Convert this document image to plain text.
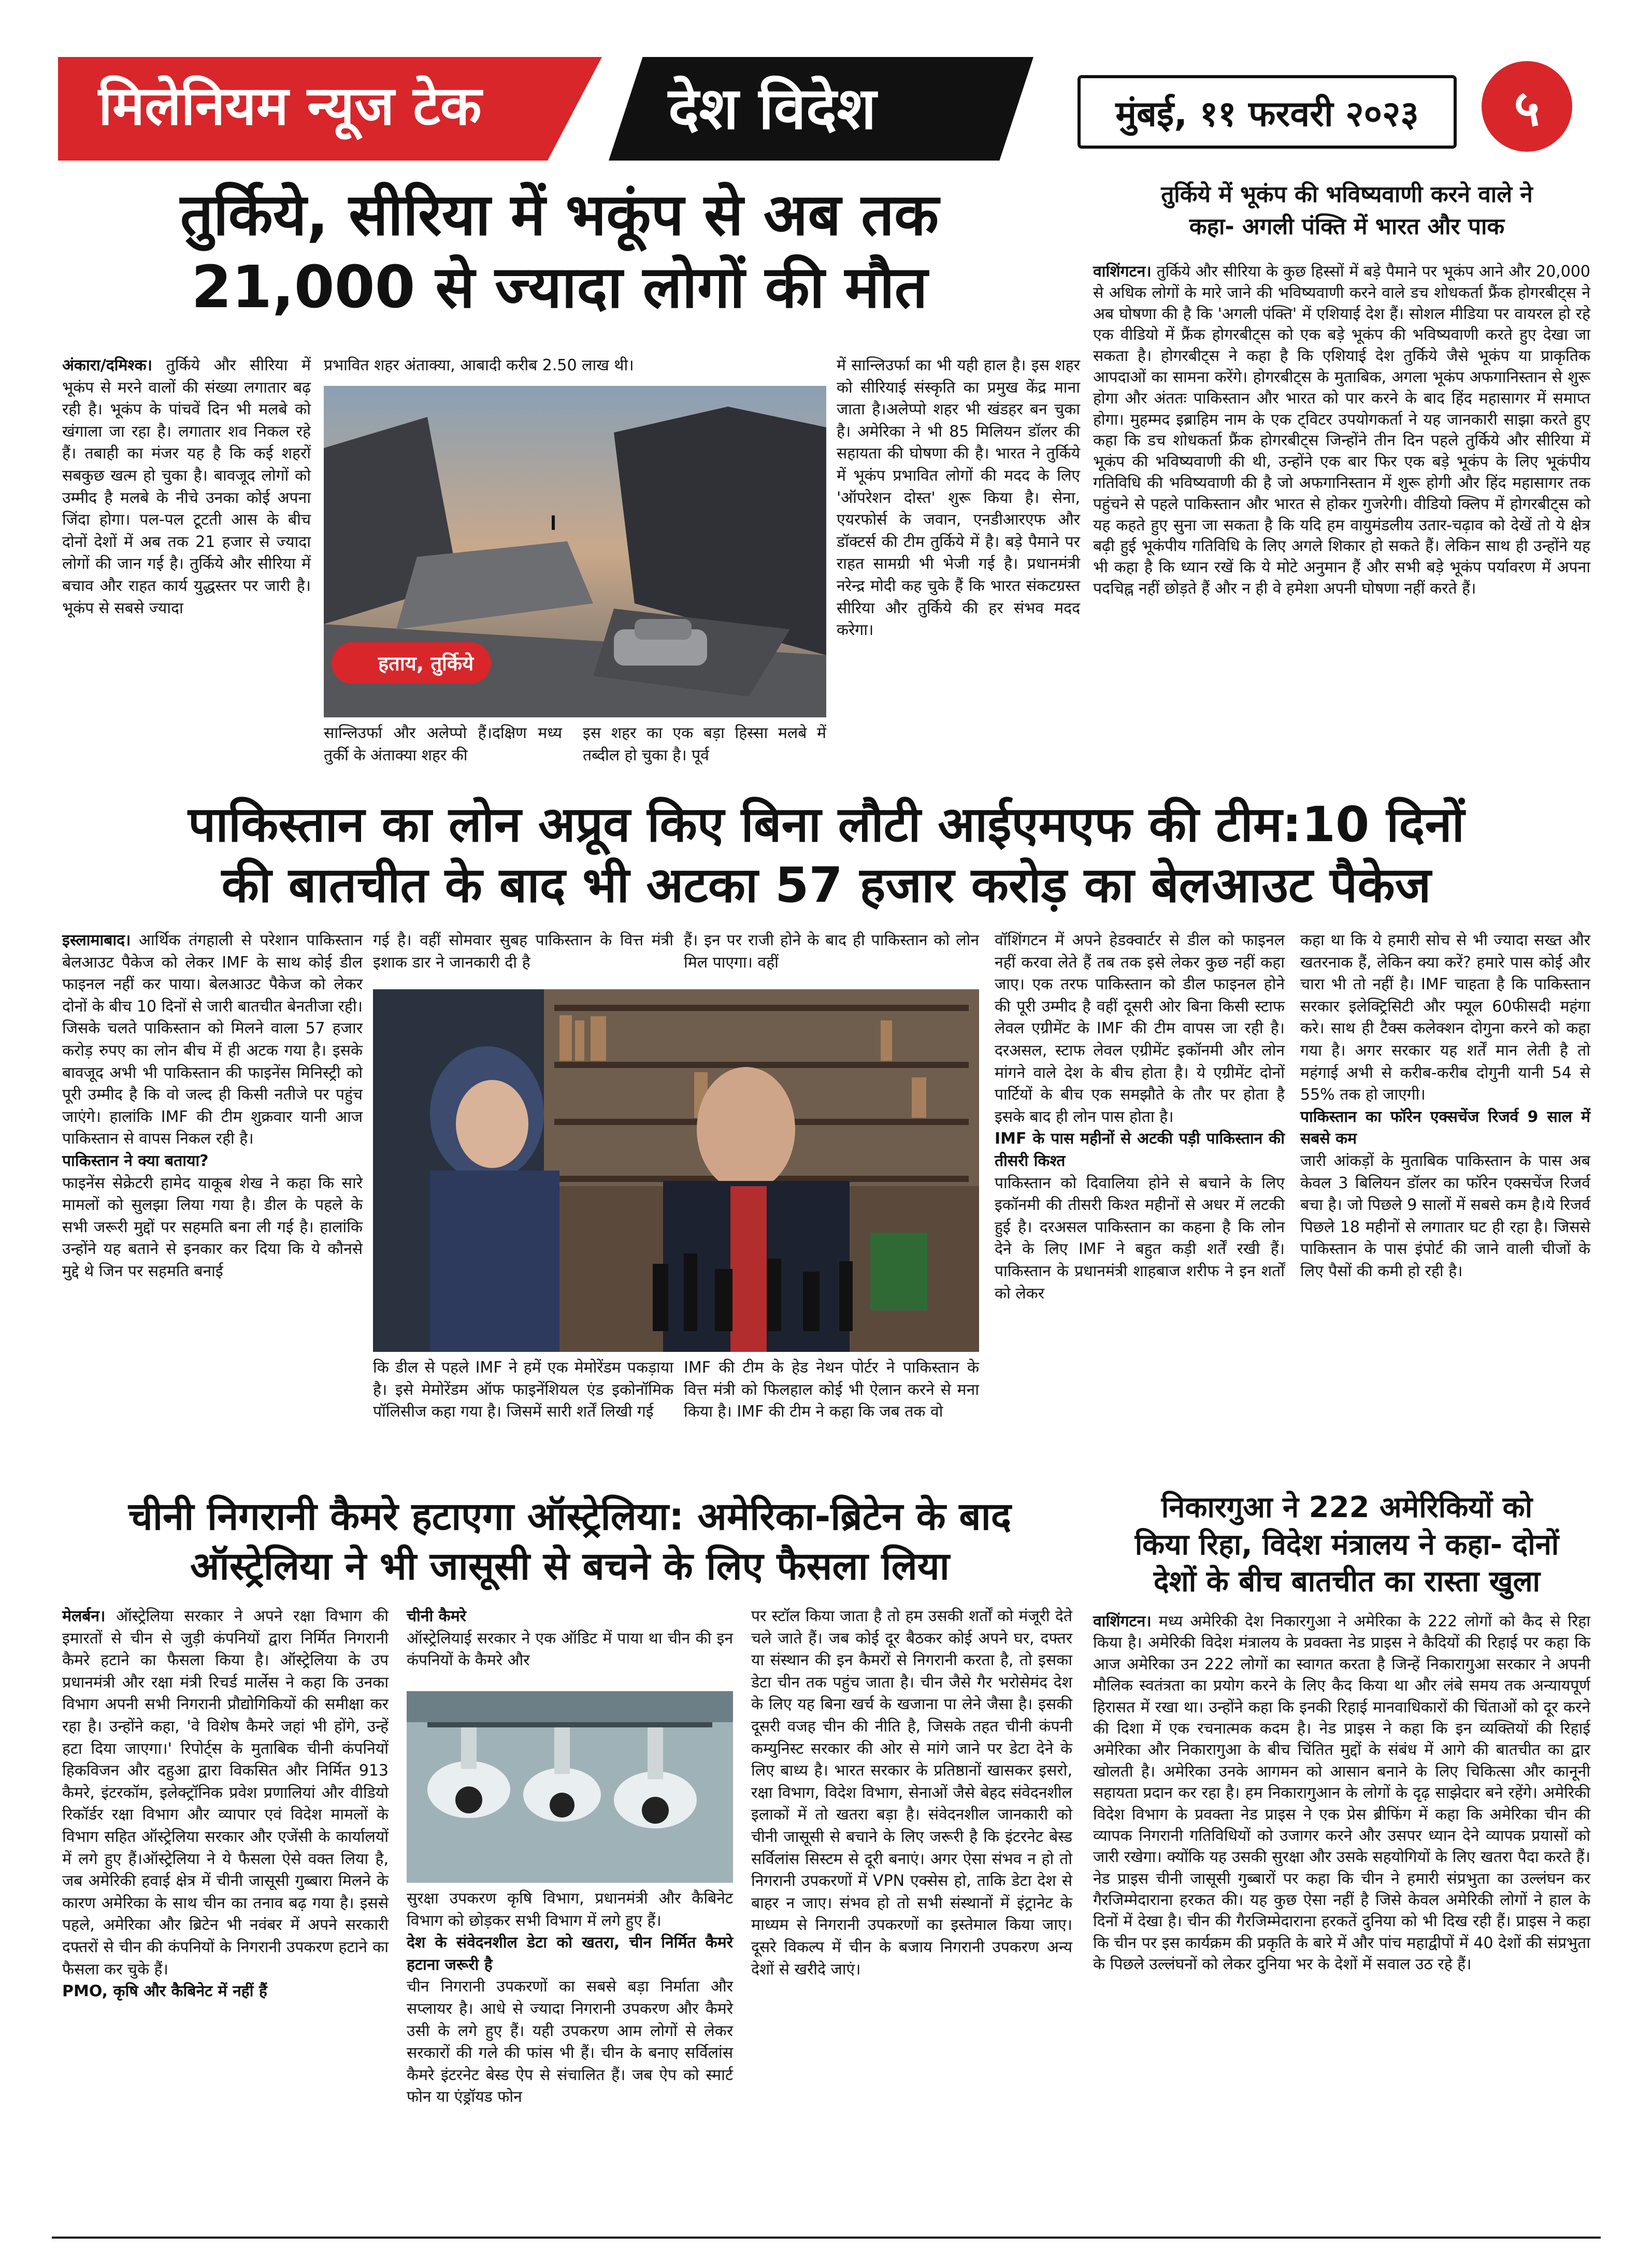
मिलेनियम न्यूज टेक	देश विदेश	मुंबई, ११ फरवरी २०२३	५
तुर्किये, सीरिया में भकूंप से अब तक
21,000 से ज्यादा लोगों की मौत

अंकारा/दमिश्क। तुर्किये और सीरिया में भूकंप से मरने वालों की संख्या लगातार बढ़ रही है। भूकंप के पांचवें दिन भी मलबे को खंगाला जा रहा है। लगातार शव निकल रहे हैं। तबाही का मंजर यह है कि कई शहरों सबकुछ खत्म हो चुका है। बावजूद लोगों को उम्मीद है मलबे के नीचे उनका कोई अपना जिंदा होगा। पल-पल टूटती आस के बीच दोनों देशों में अब तक 21 हजार से ज्यादा लोगों की जान गई है। तुर्किये और सीरिया में बचाव और राहत कार्य युद्धस्तर पर जारी है। भूकंप से सबसे ज्यादा

प्रभावित शहर अंताक्या, आबादी करीब 2.50 लाख थी।
हताय, तुर्किये
सान्लिउर्फा और अलेप्पो हैं।दक्षिण मध्य तुर्की के अंताक्या शहर की
इस शहर का एक बड़ा हिस्सा मलबे में तब्दील हो चुका है। पूर्व
में सान्लिउर्फा का भी यही हाल है। इस शहर को सीरियाई संस्कृति का प्रमुख केंद्र माना जाता है।अलेप्पो शहर भी खंडहर बन चुका है। अमेरिका ने भी 85 मिलियन डॉलर की सहायता की घोषणा की है। भारत ने तुर्किये में भूकंप प्रभावित लोगों की मदद के लिए 'ऑपरेशन दोस्त' शुरू किया है। सेना, एयरफोर्स के जवान, एनडीआरएफ और डॉक्टर्स की टीम तुर्किये में है। बड़े पैमाने पर राहत सामग्री भी भेजी गई है। प्रधानमंत्री नरेन्द्र मोदी कह चुके हैं कि भारत संकटग्रस्त सीरिया और तुर्किये की हर संभव मदद करेगा।
तुर्किये में भूकंप की भविष्यवाणी करने वाले ने
कहा- अगली पंक्ति में भारत और पाक

वाशिंगटन। तुर्किये और सीरिया के कुछ हिस्सों में बड़े पैमाने पर भूकंप आने और 20,000 से अधिक लोगों के मारे जाने की भविष्यवाणी करने वाले डच शोधकर्ता फ्रैंक होगरबीट्स ने अब घोषणा की है कि 'अगली पंक्ति' में एशियाई देश हैं। सोशल मीडिया पर वायरल हो रहे एक वीडियो में फ्रैंक होगरबीट्स को एक बड़े भूकंप की भविष्यवाणी करते हुए देखा जा सकता है। होगरबीट्स ने कहा है कि एशियाई देश तुर्किये जैसे भूकंप या प्राकृतिक आपदाओं का सामना करेंगे। होगरबीट्स के मुताबिक, अगला भूकंप अफगानिस्तान से शुरू होगा और अंततः पाकिस्तान और भारत को पार करने के बाद हिंद महासागर में समाप्त होगा। मुहम्मद इब्राहिम नाम के एक ट्विटर उपयोगकर्ता ने यह जानकारी साझा करते हुए कहा कि डच शोधकर्ता फ्रैंक होगरबीट्स जिन्होंने तीन दिन पहले तुर्किये और सीरिया में भूकंप की भविष्यवाणी की थी, उन्होंने एक बार फिर एक बड़े भूकंप के लिए भूकंपीय गतिविधि की भविष्यवाणी की है जो अफगानिस्तान में शुरू होगी और हिंद महासागर तक पहुंचने से पहले पाकिस्तान और भारत से होकर गुजरेगी। वीडियो क्लिप में होगरबीट्स को यह कहते हुए सुना जा सकता है कि यदि हम वायुमंडलीय उतार-चढ़ाव को देखें तो ये क्षेत्र बढ़ी हुई भूकंपीय गतिविधि के लिए अगले शिकार हो सकते हैं। लेकिन साथ ही उन्होंने यह भी कहा है कि ध्यान रखें कि ये मोटे अनुमान हैं और सभी बड़े भूकंप पर्यावरण में अपना पदचिह्न नहीं छोड़ते हैं और न ही वे हमेशा अपनी घोषणा नहीं करते हैं।

पाकिस्तान का लोन अप्रूव किए बिना लौटी आईएमएफ की टीम:10 दिनों
की बातचीत के बाद भी अटका 57 हजार करोड़ का बेलआउट पैकेज

इस्लामाबाद। आर्थिक तंगहाली से परेशान पाकिस्तान बेलआउट पैकेज को लेकर IMF के साथ कोई डील फाइनल नहीं कर पाया। बेलआउट पैकेज को लेकर दोनों के बीच 10 दिनों से जारी बातचीत बेनतीजा रही। जिसके चलते पाकिस्तान को मिलने वाला 57 हजार करोड़ रुपए का लोन बीच में ही अटक गया है। इसके बावजूद अभी भी पाकिस्तान की फाइनेंस मिनिस्ट्री को पूरी उम्मीद है कि वो जल्द ही किसी नतीजे पर पहुंच जाएंगे। हालांकि IMF की टीम शुक्रवार यानी आज पाकिस्तान से वापस निकल रही है।

पाकिस्तान ने क्या बताया?

फाइनेंस सेक्रेटरी हामेद याकूब शेख ने कहा कि सारे मामलों को सुलझा लिया गया है। डील के पहले के सभी जरूरी मुद्दों पर सहमति बना ली गई है। हालांकि उन्होंने यह बताने से इनकार कर दिया कि ये कौनसे मुद्दे थे जिन पर सहमति बनाई

गई है। वहीं सोमवार सुबह पाकिस्तान के वित्त मंत्री इशाक डार ने जानकारी दी है
हैं। इन पर राजी होने के बाद ही पाकिस्तान को लोन मिल पाएगा। वहीं
कि डील से पहले IMF ने हमें एक मेमोरेंडम पकड़ाया है। इसे मेमोरेंडम ऑफ फाइनेंशियल एंड इकोनॉमिक पॉलिसीज कहा गया है। जिसमें सारी शर्तें लिखी गई
IMF की टीम के हेड नेथन पोर्टर ने पाकिस्तान के वित्त मंत्री को फिलहाल कोई भी ऐलान करने से मना किया है। IMF की टीम ने कहा कि जब तक वो

वॉशिंगटन में अपने हेडक्वार्टर से डील को फाइनल नहीं करवा लेते हैं तब तक इसे लेकर कुछ नहीं कहा जाए। एक तरफ पाकिस्तान को डील फाइनल होने की पूरी उम्मीद है वहीं दूसरी ओर बिना किसी स्टाफ लेवल एग्रीमेंट के IMF की टीम वापस जा रही है। दरअसल, स्टाफ लेवल एग्रीमेंट इकॉनमी और लोन मांगने वाले देश के बीच होता है। ये एग्रीमेंट दोनों पार्टियों के बीच एक समझौते के तौर पर होता है इसके बाद ही लोन पास होता है।

IMF के पास महीनों से अटकी पड़ी पाकिस्तान की तीसरी किश्त

पाकिस्तान को दिवालिया होने से बचाने के लिए इकॉनमी की तीसरी किश्त महीनों से अधर में लटकी हुई है। दरअसल पाकिस्तान का कहना है कि लोन देने के लिए IMF ने बहुत कड़ी शर्तें रखी हैं। पाकिस्तान के प्रधानमंत्री शाहबाज शरीफ ने इन शर्तों को लेकर

कहा था कि ये हमारी सोच से भी ज्यादा सख्त और खतरनाक हैं, लेकिन क्या करें? हमारे पास कोई और चारा भी तो नहीं है। IMF चाहता है कि पाकिस्तान सरकार इलेक्ट्रिसिटी और फ्यूल 60फीसदी महंगा करे। साथ ही टैक्स कलेक्शन दोगुना करने को कहा गया है। अगर सरकार यह शर्तें मान लेती है तो महंगाई अभी से करीब-करीब दोगुनी यानी 54 से 55% तक हो जाएगी।

पाकिस्तान का फॉरेन एक्सचेंज रिजर्व 9 साल में सबसे कम

जारी आंकड़ों के मुताबिक पाकिस्तान के पास अब केवल 3 बिलियन डॉलर का फॉरेन एक्सचेंज रिजर्व बचा है। जो पिछले 9 सालों में सबसे कम है।ये रिजर्व पिछले 18 महीनों से लगातार घट ही रहा है। जिससे पाकिस्तान के पास इंपोर्ट की जाने वाली चीजों के लिए पैसों की कमी हो रही है।

चीनी निगरानी कैमरे हटाएगा ऑस्ट्रेलिया: अमेरिका-ब्रिटेन के बाद
ऑस्ट्रेलिया ने भी जासूसी से बचने के लिए फैसला लिया

मेलर्बन। ऑस्ट्रेलिया सरकार ने अपने रक्षा विभाग की इमारतों से चीन से जुड़ी कंपनियों द्वारा निर्मित निगरानी कैमरे हटाने का फैसला किया है। ऑस्ट्रेलिया के उप प्रधानमंत्री और रक्षा मंत्री रिचर्ड मार्लेस ने कहा कि उनका विभाग अपनी सभी निगरानी प्रौद्योगिकियों की समीक्षा कर रहा है। उन्होंने कहा, 'वे विशेष कैमरे जहां भी होंगे, उन्हें हटा दिया जाएगा।' रिपोर्ट्स के मुताबिक चीनी कंपनियों हिकविजन और दहुआ द्वारा विकसित और निर्मित 913 कैमरे, इंटरकॉम, इलेक्ट्रॉनिक प्रवेश प्रणालियां और वीडियो रिकॉर्डर रक्षा विभाग और व्यापार एवं विदेश मामलों के विभाग सहित ऑस्ट्रेलिया सरकार और एजेंसी के कार्यालयों में लगे हुए हैं।ऑस्ट्रेलिया ने ये फैसला ऐसे वक्त लिया है, जब अमेरिकी हवाई क्षेत्र में चीनी जासूसी गुब्बारा मिलने के कारण अमेरिका के साथ चीन का तनाव बढ़ गया है। इससे पहले, अमेरिका और ब्रिटेन भी नवंबर में अपने सरकारी दफ्तरों से चीन की कंपनियों के निगरानी उपकरण हटाने का फैसला कर चुके हैं।

PMO, कृषि और कैबिनेट में नहीं हैं

चीनी कैमरे

ऑस्ट्रेलियाई सरकार ने एक ऑडिट में पाया था चीन की इन कंपनियों के कैमरे और

सुरक्षा उपकरण कृषि विभाग, प्रधानमंत्री और कैबिनेट विभाग को छोड़कर सभी विभाग में लगे हुए हैं।

देश के संवेदनशील डेटा को खतरा, चीन निर्मित कैमरे हटाना जरूरी है

चीन निगरानी उपकरणों का सबसे बड़ा निर्माता और सप्लायर है। आधे से ज्यादा निगरानी उपकरण और कैमरे उसी के लगे हुए हैं। यही उपकरण आम लोगों से लेकर सरकारों की गले की फांस भी हैं। चीन के बनाए सर्विलांस कैमरे इंटरनेट बेस्ड ऐप से संचालित हैं। जब ऐप को स्मार्ट फोन या एंड्रॉयड फोन

पर स्टॉल किया जाता है तो हम उसकी शर्तों को मंजूरी देते चले जाते हैं। जब कोई दूर बैठकर कोई अपने घर, दफ्तर या संस्थान की इन कैमरों से निगरानी करता है, तो इसका डेटा चीन तक पहुंच जाता है। चीन जैसे गैर भरोसेमंद देश के लिए यह बिना खर्च के खजाना पा लेने जैसा है। इसकी दूसरी वजह चीन की नीति है, जिसके तहत चीनी कंपनी कम्युनिस्ट सरकार की ओर से मांगे जाने पर डेटा देने के लिए बाध्य है। भारत सरकार के प्रतिष्ठानों खासकर इसरो, रक्षा विभाग, विदेश विभाग, सेनाओं जैसे बेहद संवेदनशील इलाकों में तो खतरा बड़ा है। संवेदनशील जानकारी को चीनी जासूसी से बचाने के लिए जरूरी है कि इंटरनेट बेस्ड सर्विलांस सिस्टम से दूरी बनाएं। अगर ऐसा संभव न हो तो निगरानी उपकरणों में VPN एक्सेस हो, ताकि डेटा देश से बाहर न जाए। संभव हो तो सभी संस्थानों में इंट्रानेट के माध्यम से निगरानी उपकरणों का इस्तेमाल किया जाए। दूसरे विकल्प में चीन के बजाय निगरानी उपकरण अन्य देशों से खरीदे जाएं।
निकारगुआ ने 222 अमेरिकियों को
किया रिहा, विदेश मंत्रालय ने कहा- दोनों
देशों के बीच बातचीत का रास्ता खुला

वाशिंगटन। मध्य अमेरिकी देश निकारगुआ ने अमेरिका के 222 लोगों को कैद से रिहा किया है। अमेरिकी विदेश मंत्रालय के प्रवक्ता नेड प्राइस ने कैदियों की रिहाई पर कहा कि आज अमेरिका उन 222 लोगों का स्वागत करता है जिन्हें निकारागुआ सरकार ने अपनी मौलिक स्वतंत्रता का प्रयोग करने के लिए कैद किया था और लंबे समय तक अन्यायपूर्ण हिरासत में रखा था। उन्होंने कहा कि इनकी रिहाई मानवाधिकारों की चिंताओं को दूर करने की दिशा में एक रचनात्मक कदम है। नेड प्राइस ने कहा कि इन व्यक्तियों की रिहाई अमेरिका और निकारागुआ के बीच चिंतित मुद्दों के संबंध में आगे की बातचीत का द्वार खोलती है। अमेरिका उनके आगमन को आसान बनाने के लिए चिकित्सा और कानूनी सहायता प्रदान कर रहा है। हम निकारागुआन के लोगों के दृढ़ साझेदार बने रहेंगे। अमेरिकी विदेश विभाग के प्रवक्ता नेड प्राइस ने एक प्रेस ब्रीफिंग में कहा कि अमेरिका चीन की व्यापक निगरानी गतिविधियों को उजागर करने और उसपर ध्यान देने व्यापक प्रयासों को जारी रखेगा। क्योंकि यह उसकी सुरक्षा और उसके सहयोगियों के लिए खतरा पैदा करते हैं। नेड प्राइस चीनी जासूसी गुब्बारों पर कहा कि चीन ने हमारी संप्रभुता का उल्लंघन कर गैरजिम्मेदाराना हरकत की। यह कुछ ऐसा नहीं है जिसे केवल अमेरिकी लोगों ने हाल के दिनों में देखा है। चीन की गैरजिम्मेदाराना हरकतें दुनिया को भी दिख रही हैं। प्राइस ने कहा कि चीन पर इस कार्यक्रम की प्रकृति के बारे में और पांच महाद्वीपों में 40 देशों की संप्रभुता के पिछले उल्लंघनों को लेकर दुनिया भर के देशों में सवाल उठ रहे हैं।
